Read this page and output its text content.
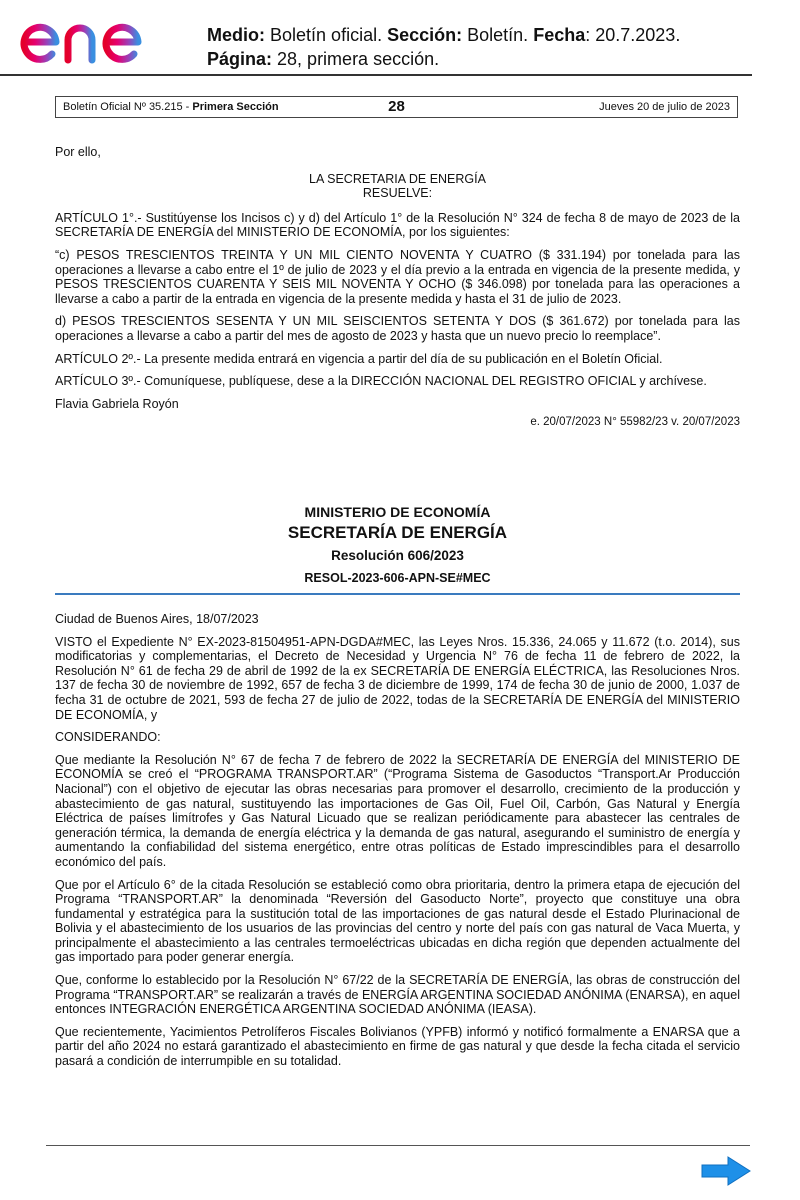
Medio: Boletín oficial. Sección: Boletín. Fecha: 20.7.2023.
Página: 28, primera sección.
Boletín Oficial Nº 35.215 - Primera Sección	28	Jueves 20 de julio de 2023

Por ello,

LA SECRETARIA DE ENERGÍA

RESUELVE:

ARTÍCULO 1°.- Sustitúyense los Incisos c) y d) del Artículo 1° de la Resolución N° 324 de fecha 8 de mayo de 2023 de la SECRETARÍA DE ENERGÍA del MINISTERIO DE ECONOMÍA, por los siguientes:

“c) PESOS TRESCIENTOS TREINTA Y UN MIL CIENTO NOVENTA Y CUATRO ($ 331.194) por tonelada para las operaciones a llevarse a cabo entre el 1º de julio de 2023 y el día previo a la entrada en vigencia de la presente medida, y PESOS TRESCIENTOS CUARENTA Y SEIS MIL NOVENTA Y OCHO ($ 346.098) por tonelada para las operaciones a llevarse a cabo a partir de la entrada en vigencia de la presente medida y hasta el 31 de julio de 2023.

d) PESOS TRESCIENTOS SESENTA Y UN MIL SEISCIENTOS SETENTA Y DOS ($ 361.672) por tonelada para las operaciones a llevarse a cabo a partir del mes de agosto de 2023 y hasta que un nuevo precio lo reemplace”.

ARTÍCULO 2º.- La presente medida entrará en vigencia a partir del día de su publicación en el Boletín Oficial.

ARTÍCULO 3º.- Comuníquese, publíquese, dese a la DIRECCIÓN NACIONAL DEL REGISTRO OFICIAL y archívese.

Flavia Gabriela Royón

e. 20/07/2023 N° 55982/23 v. 20/07/2023

MINISTERIO DE ECONOMÍA
SECRETARÍA DE ENERGÍA
Resolución 606/2023
RESOL-2023-606-APN-SE#MEC

Ciudad de Buenos Aires, 18/07/2023

VISTO el Expediente N° EX-2023-81504951-APN-DGDA#MEC, las Leyes Nros. 15.336, 24.065 y 11.672 (t.o. 2014), sus modificatorias y complementarias, el Decreto de Necesidad y Urgencia N° 76 de fecha 11 de febrero de 2022, la Resolución N° 61 de fecha 29 de abril de 1992 de la ex SECRETARÍA DE ENERGÍA ELÉCTRICA, las Resoluciones Nros. 137 de fecha 30 de noviembre de 1992, 657 de fecha 3 de diciembre de 1999, 174 de fecha 30 de junio de 2000, 1.037 de fecha 31 de octubre de 2021, 593 de fecha 27 de julio de 2022, todas de la SECRETARÍA DE ENERGÍA del MINISTERIO DE ECONOMÍA, y

CONSIDERANDO:

Que mediante la Resolución N° 67 de fecha 7 de febrero de 2022 la SECRETARÍA DE ENERGÍA del MINISTERIO DE ECONOMÍA se creó el “PROGRAMA TRANSPORT.AR” (“Programa Sistema de Gasoductos “Transport.Ar Producción Nacional”) con el objetivo de ejecutar las obras necesarias para promover el desarrollo, crecimiento de la producción y abastecimiento de gas natural, sustituyendo las importaciones de Gas Oil, Fuel Oil, Carbón, Gas Natural y Energía Eléctrica de países limítrofes y Gas Natural Licuado que se realizan periódicamente para abastecer las centrales de generación térmica, la demanda de energía eléctrica y la demanda de gas natural, asegurando el suministro de energía y aumentando la confiabilidad del sistema energético, entre otras políticas de Estado imprescindibles para el desarrollo económico del país.

Que por el Artículo 6° de la citada Resolución se estableció como obra prioritaria, dentro la primera etapa de ejecución del Programa “TRANSPORT.AR” la denominada “Reversión del Gasoducto Norte”, proyecto que constituye una obra fundamental y estratégica para la sustitución total de las importaciones de gas natural desde el Estado Plurinacional de Bolivia y el abastecimiento de los usuarios de las provincias del centro y norte del país con gas natural de Vaca Muerta, y principalmente el abastecimiento a las centrales termoeléctricas ubicadas en dicha región que dependen actualmente del gas importado para poder generar energía.

Que, conforme lo establecido por la Resolución N° 67/22 de la SECRETARÍA DE ENERGÍA, las obras de construcción del Programa “TRANSPORT.AR” se realizarán a través de ENERGÍA ARGENTINA SOCIEDAD ANÓNIMA (ENARSA), en aquel entonces INTEGRACIÓN ENERGÉTICA ARGENTINA SOCIEDAD ANÓNIMA (IEASA).

Que recientemente, Yacimientos Petrolíferos Fiscales Bolivianos (YPFB) informó y notificó formalmente a ENARSA que a partir del año 2024 no estará garantizado el abastecimiento en firme de gas natural y que desde la fecha citada el servicio pasará a condición de interrumpible en su totalidad.
